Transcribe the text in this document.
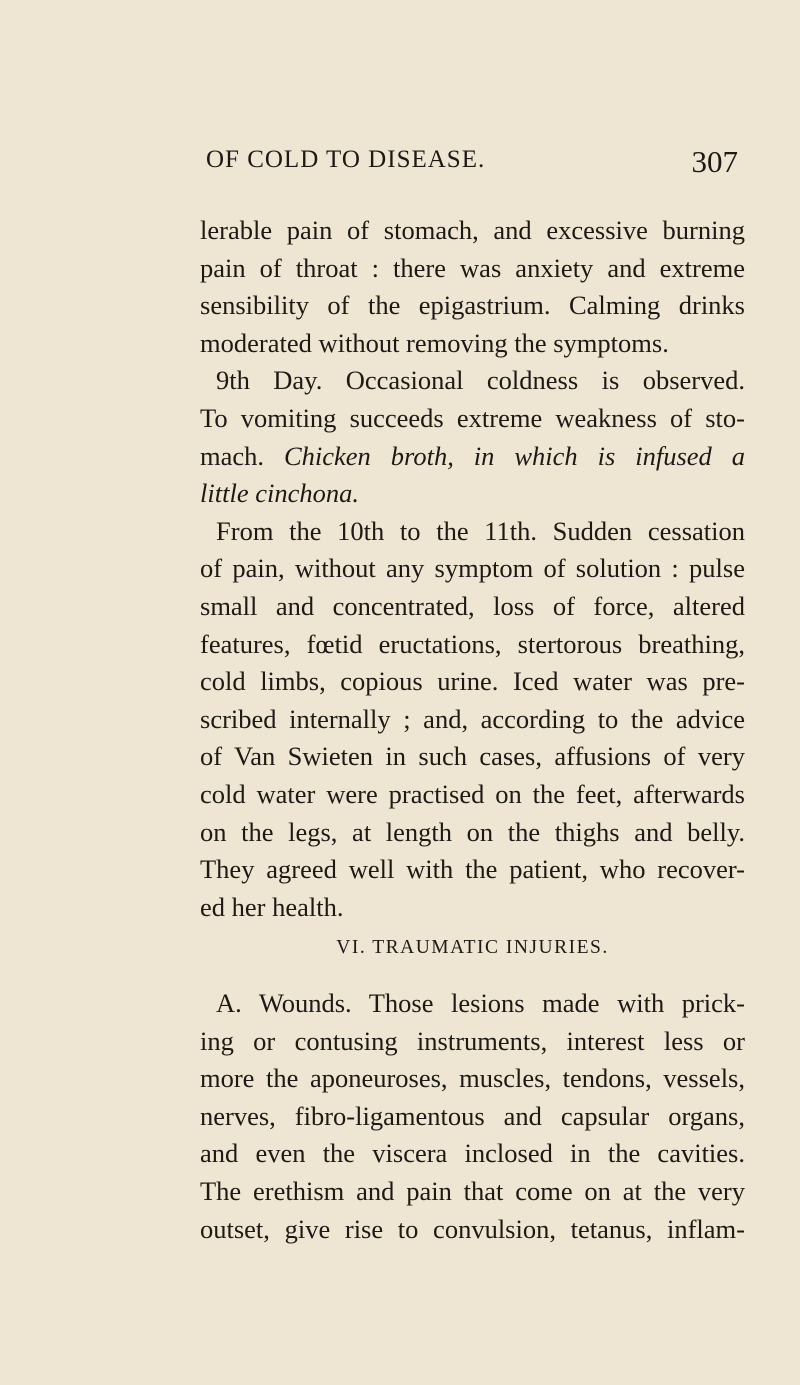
OF COLD TO DISEASE.	307
lerable pain of stomach, and excessive burning
pain of throat : there was anxiety and extreme
sensibility of the epigastrium. Calming drinks
moderated without removing the symptoms.
9th Day. Occasional coldness is observed.
To vomiting succeeds extreme weakness of sto-
mach. Chicken broth, in which is infused a
little cinchona.
From the 10th to the 11th. Sudden cessation
of pain, without any symptom of solution : pulse
small and concentrated, loss of force, altered
features, fœtid eructations, stertorous breathing,
cold limbs, copious urine. Iced water was pre-
scribed internally ; and, according to the advice
of Van Swieten in such cases, affusions of very
cold water were practised on the feet, afterwards
on the legs, at length on the thighs and belly.
They agreed well with the patient, who recover-
ed her health.
VI. TRAUMATIC INJURIES.
A. Wounds. Those lesions made with prick-
ing or contusing instruments, interest less or
more the aponeuroses, muscles, tendons, vessels,
nerves, fibro-ligamentous and capsular organs,
and even the viscera inclosed in the cavities.
The erethism and pain that come on at the very
outset, give rise to convulsion, tetanus, inflam-
